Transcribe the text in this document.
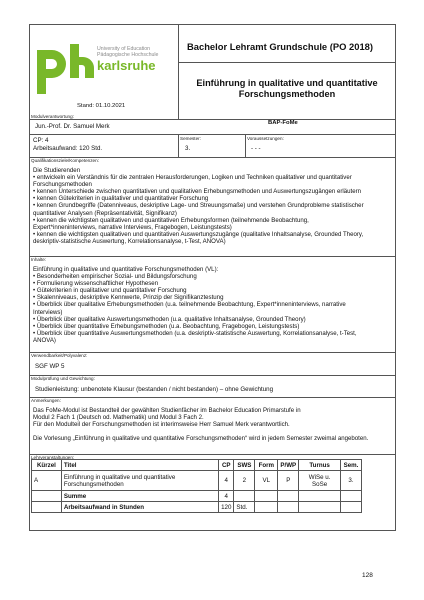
University of Education
Pädagogische Hochschule
karlsruhe
Stand: 01.10.2021
Bachelor Lehramt Grundschule (PO 2018)
Einführung in qualitative und quantitative Forschungsmethoden
Modulverantwortung:
Jun.-Prof. Dr. Samuel Merk	BAP-FoMe
CP: 4
Arbeitsaufwand: 120 Std.
Semester:
3.
Voraussetzungen:
- - -
Qualifikationsziele/Kompetenzen:
Die Studierenden
• entwickeln ein Verständnis für die zentralen Herausforderungen, Logiken und Techniken qualitativer und quantitativer
Forschungsmethoden
• kennen Unterschiede zwischen quantitativen und qualitativen Erhebungsmethoden und Auswertungszugängen erläutern
• kennen Gütekriterien in qualitativer und quantitativer Forschung
• kennen Grundbegriffe (Datenniveaus, deskriptive Lage- und Streuungsmaße) und verstehen Grundprobleme statistischer
quantitativer Analysen (Repräsentativität, Signifikanz)
• kennen die wichtigsten qualitativen und quantitativen Erhebungsformen (teilnehmende Beobachtung,
Expert*inneninterviews, narrative Interviews, Fragebogen, Leistungstests)
• kennen die wichtigsten qualitativen und quantitativen Auswertungszugänge (qualitative Inhaltsanalyse, Grounded Theory,
deskriptiv-statistische Auswertung, Korrelationsanalyse, t-Test, ANOVA)
Inhalte:
Einführung in qualitative und quantitative Forschungsmethoden (VL):
• Besonderheiten empirischer Sozial- und Bildungsforschung
• Formulierung wissenschaftlicher Hypothesen
• Gütekriterien in qualitativer und quantitativer Forschung
• Skalenniveaus, deskriptive Kennwerte, Prinzip der Signifikanztestung
• Überblick über qualitative Erhebungsmethoden (u.a. teilnehmende Beobachtung, Expert*inneninterviews, narrative
Interviews)
• Überblick über qualitative Auswertungsmethoden (u.a. qualitative Inhaltsanalyse, Grounded Theory)
• Überblick über quantitative Erhebungsmethoden (u.a. Beobachtung, Fragebogen, Leistungstests)
• Überblick über quantitative Auswertungsmethoden (u.a. deskriptiv-statistische Auswertung, Korrelationsanalyse, t-Test,
ANOVA)
Verwendbarkeit/Polyvalenz:
SGF WP 5
Modulprüfung und Gewichtung:
Studienleistung: unbenotete Klausur (bestanden / nicht bestanden) – ohne Gewichtung
Anmerkungen:
Das FoMe-Modul ist Bestandteil der gewählten Studienfächer im Bachelor Education Primarstufe in
Modul 2 Fach 1 (Deutsch od. Mathematik) und Modul 3 Fach 2.
Für den Modulteil der Forschungsmethoden ist interimsweise Herr Samuel Merk verantwortlich.
Die Vorlesung „Einführung in qualitative und quantitative Forschungsmethoden“ wird in jedem Semester zweimal angeboten.
Lehrveranstaltungen:
Kürzel	Titel	CP	SWS	Form	P/WP	Turnus	Sem.
A	Einführung in qualitative und quantitative Forschungsmethoden	4	2	VL	P	WiSe u. SoSe	3.
	Summe	4					
	Arbeitsaufwand in Stunden	120	Std.				
128
